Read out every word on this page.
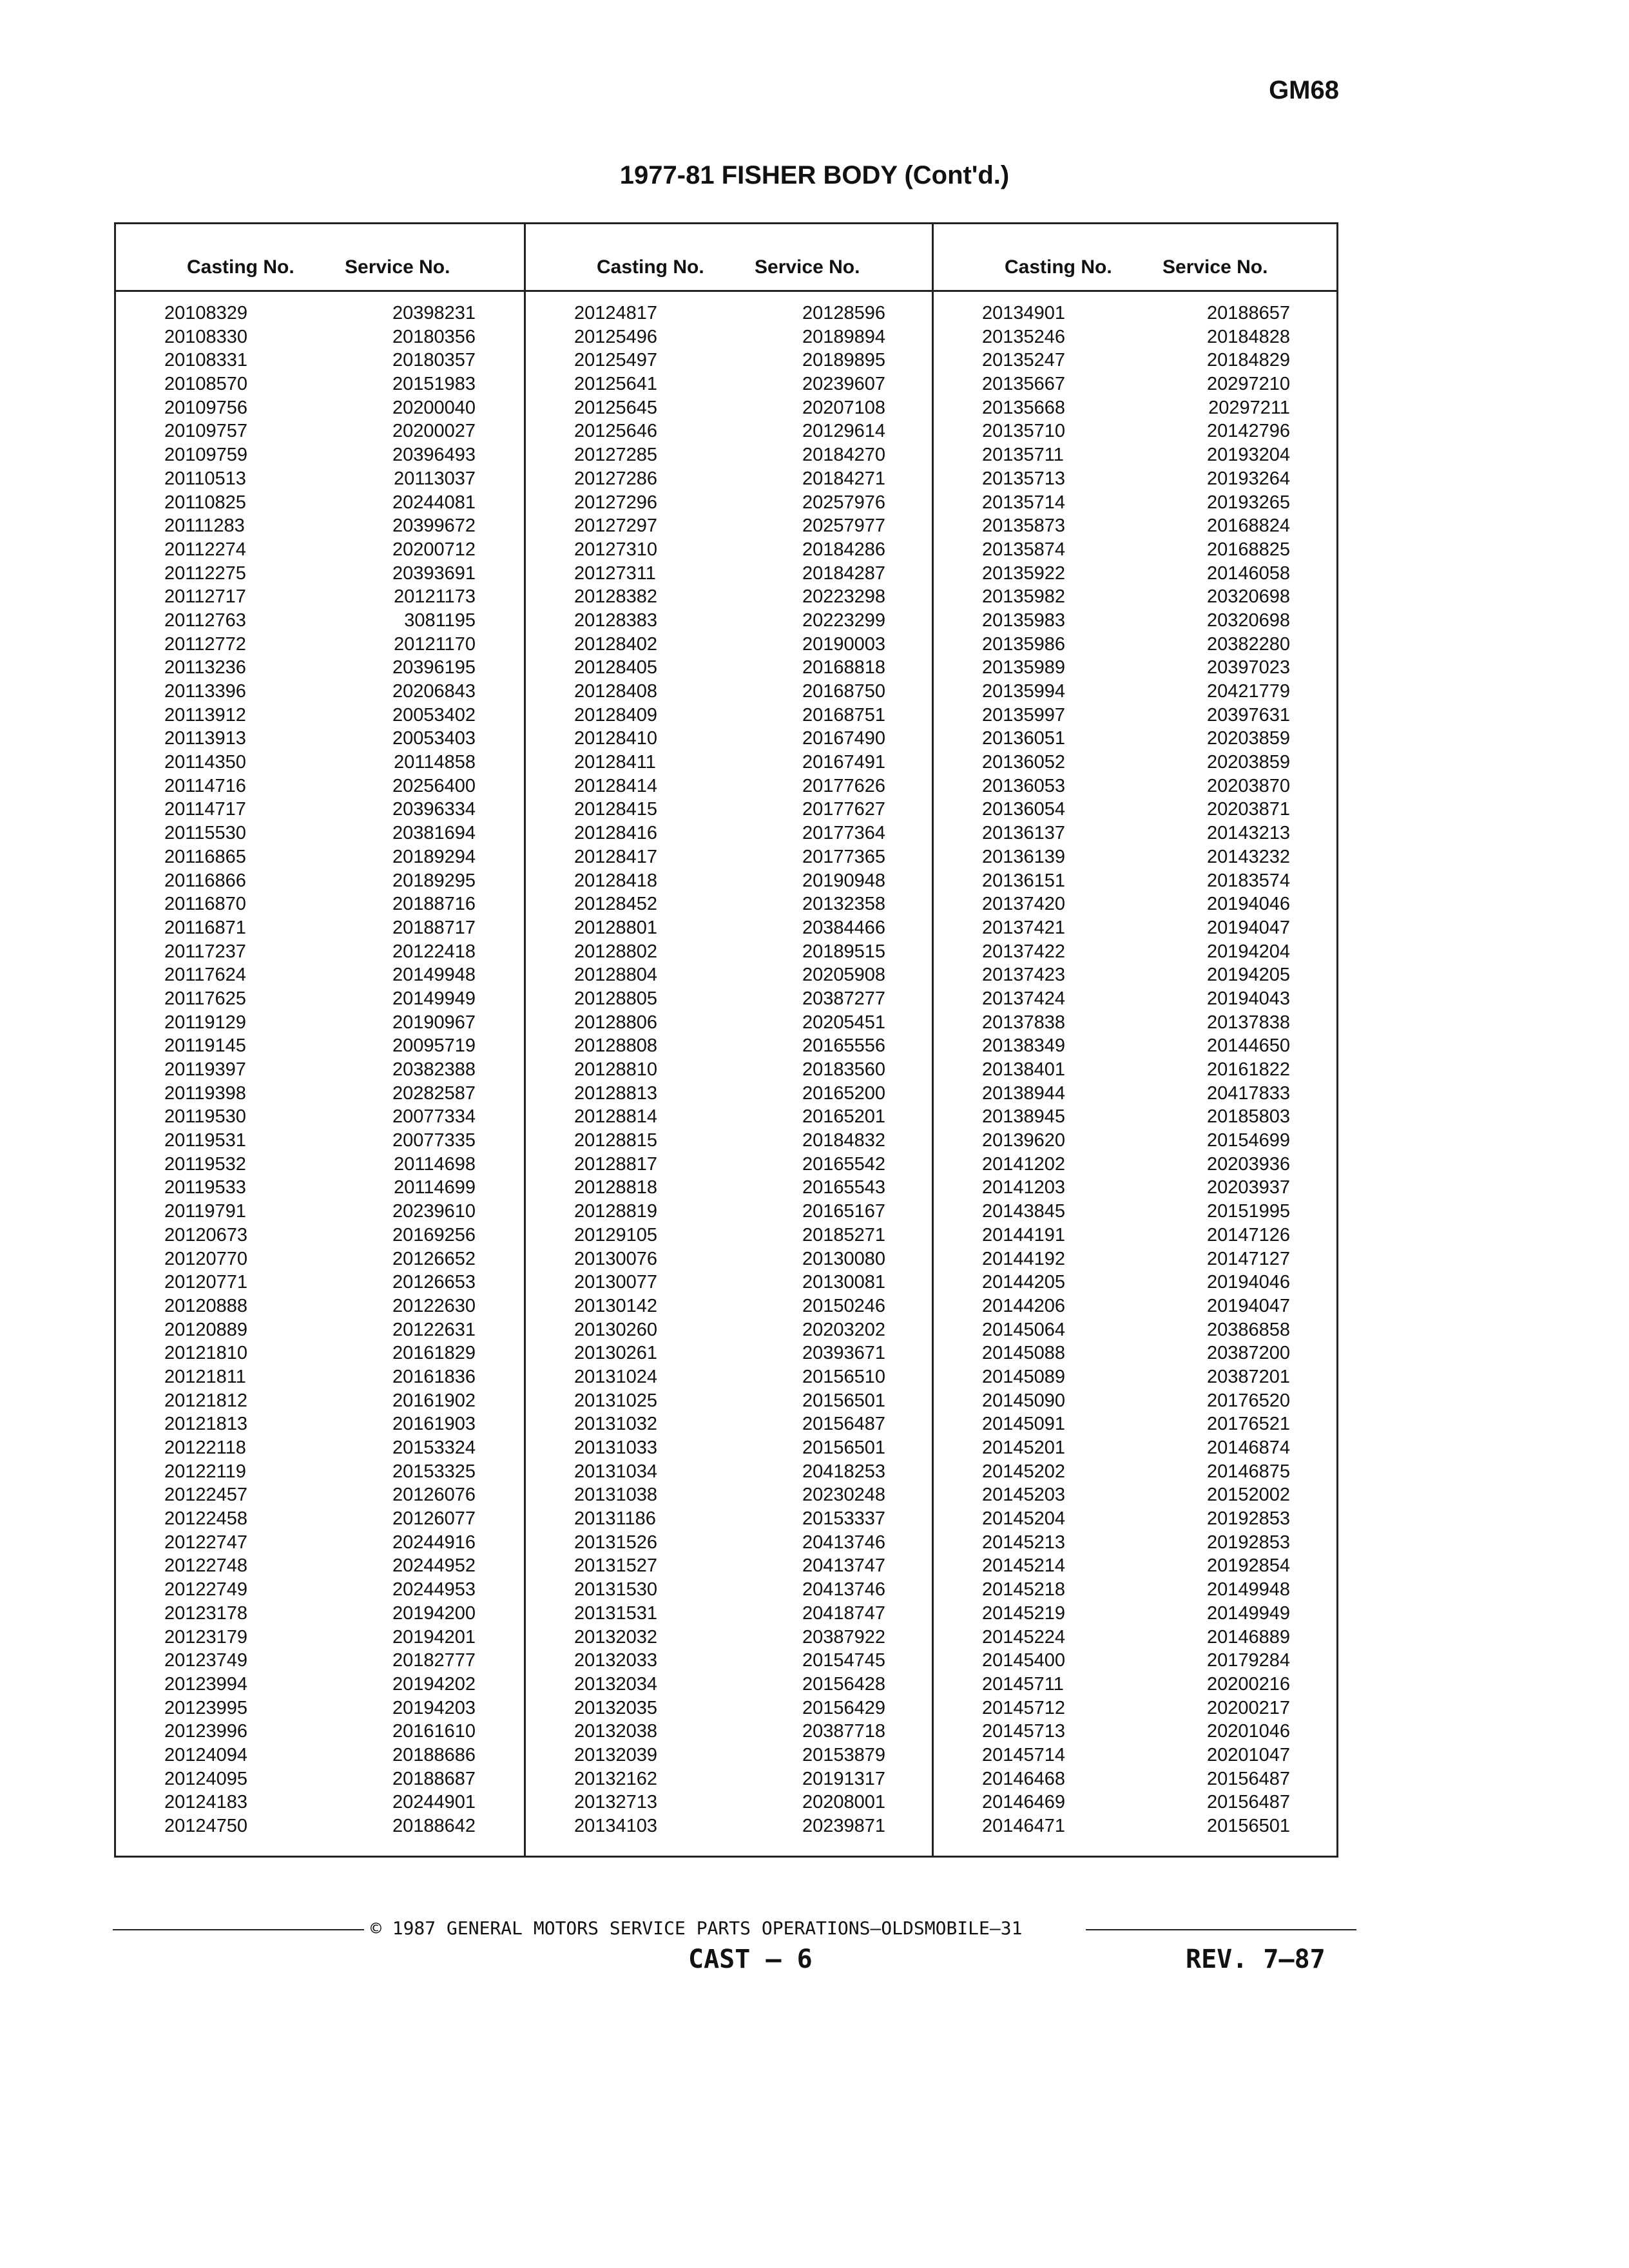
GM68
1977-81 FISHER BODY (Cont'd.)
Casting No.	Service No.
20108329	20398231
20108330	20180356
20108331	20180357
20108570	20151983
20109756	20200040
20109757	20200027
20109759	20396493
20110513	20113037
20110825	20244081
20111283	20399672
20112274	20200712
20112275	20393691
20112717	20121173
20112763	3081195
20112772	20121170
20113236	20396195
20113396	20206843
20113912	20053402
20113913	20053403
20114350	20114858
20114716	20256400
20114717	20396334
20115530	20381694
20116865	20189294
20116866	20189295
20116870	20188716
20116871	20188717
20117237	20122418
20117624	20149948
20117625	20149949
20119129	20190967
20119145	20095719
20119397	20382388
20119398	20282587
20119530	20077334
20119531	20077335
20119532	20114698
20119533	20114699
20119791	20239610
20120673	20169256
20120770	20126652
20120771	20126653
20120888	20122630
20120889	20122631
20121810	20161829
20121811	20161836
20121812	20161902
20121813	20161903
20122118	20153324
20122119	20153325
20122457	20126076
20122458	20126077
20122747	20244916
20122748	20244952
20122749	20244953
20123178	20194200
20123179	20194201
20123749	20182777
20123994	20194202
20123995	20194203
20123996	20161610
20124094	20188686
20124095	20188687
20124183	20244901
20124750	20188642
Casting No.	Service No.
20124817	20128596
20125496	20189894
20125497	20189895
20125641	20239607
20125645	20207108
20125646	20129614
20127285	20184270
20127286	20184271
20127296	20257976
20127297	20257977
20127310	20184286
20127311	20184287
20128382	20223298
20128383	20223299
20128402	20190003
20128405	20168818
20128408	20168750
20128409	20168751
20128410	20167490
20128411	20167491
20128414	20177626
20128415	20177627
20128416	20177364
20128417	20177365
20128418	20190948
20128452	20132358
20128801	20384466
20128802	20189515
20128804	20205908
20128805	20387277
20128806	20205451
20128808	20165556
20128810	20183560
20128813	20165200
20128814	20165201
20128815	20184832
20128817	20165542
20128818	20165543
20128819	20165167
20129105	20185271
20130076	20130080
20130077	20130081
20130142	20150246
20130260	20203202
20130261	20393671
20131024	20156510
20131025	20156501
20131032	20156487
20131033	20156501
20131034	20418253
20131038	20230248
20131186	20153337
20131526	20413746
20131527	20413747
20131530	20413746
20131531	20418747
20132032	20387922
20132033	20154745
20132034	20156428
20132035	20156429
20132038	20387718
20132039	20153879
20132162	20191317
20132713	20208001
20134103	20239871
Casting No.	Service No.
20134901	20188657
20135246	20184828
20135247	20184829
20135667	20297210
20135668	20297211
20135710	20142796
20135711	20193204
20135713	20193264
20135714	20193265
20135873	20168824
20135874	20168825
20135922	20146058
20135982	20320698
20135983	20320698
20135986	20382280
20135989	20397023
20135994	20421779
20135997	20397631
20136051	20203859
20136052	20203859
20136053	20203870
20136054	20203871
20136137	20143213
20136139	20143232
20136151	20183574
20137420	20194046
20137421	20194047
20137422	20194204
20137423	20194205
20137424	20194043
20137838	20137838
20138349	20144650
20138401	20161822
20138944	20417833
20138945	20185803
20139620	20154699
20141202	20203936
20141203	20203937
20143845	20151995
20144191	20147126
20144192	20147127
20144205	20194046
20144206	20194047
20145064	20386858
20145088	20387200
20145089	20387201
20145090	20176520
20145091	20176521
20145201	20146874
20145202	20146875
20145203	20152002
20145204	20192853
20145213	20192853
20145214	20192854
20145218	20149948
20145219	20149949
20145224	20146889
20145400	20179284
20145711	20200216
20145712	20200217
20145713	20201046
20145714	20201047
20146468	20156487
20146469	20156487
20146471	20156501
© 1987 GENERAL MOTORS SERVICE PARTS OPERATIONS—OLDSMOBILE—31
CAST — 6	REV. 7–87
